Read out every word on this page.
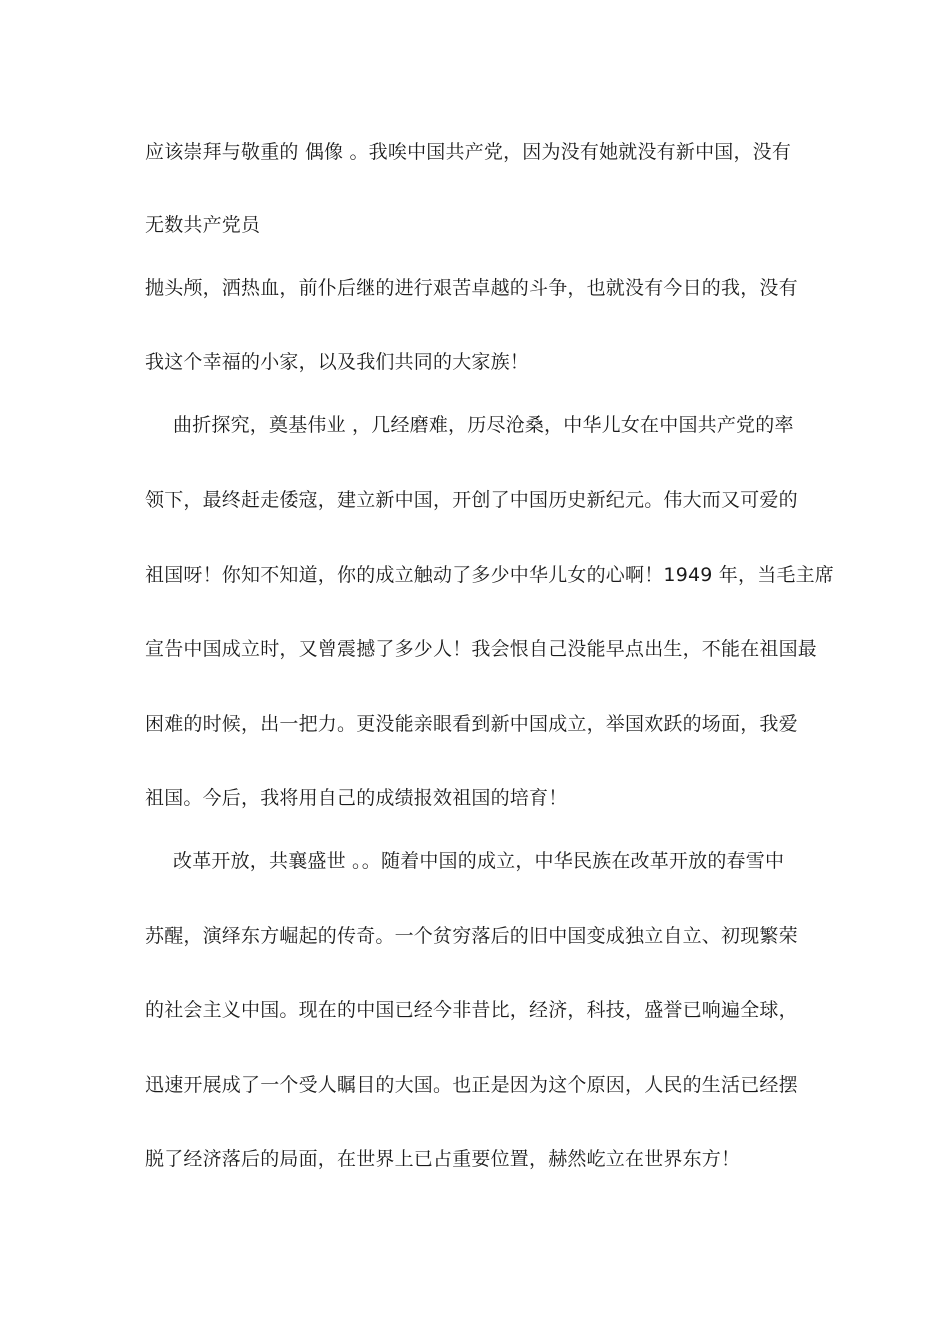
应该崇拜与敬重的 偶像 。我唉中国共产党，因为没有她就没有新中国，没有
无数共产党员
抛头颅，洒热血，前仆后继的进行艰苦卓越的斗争，也就没有今日的我，没有
我这个幸福的小家，以及我们共同的大家族！
曲折探究，奠基伟业 ，几经磨难，历尽沧桑，中华儿女在中国共产党的率
领下，最终赶走倭寇，建立新中国，开创了中国历史新纪元。伟大而又可爱的
祖国呀！你知不知道，你的成立触动了多少中华儿女的心啊！1949 年，当毛主席
宣告中国成立时，又曾震撼了多少人！我会恨自己没能早点出生，不能在祖国最
困难的时候，出一把力。更没能亲眼看到新中国成立，举国欢跃的场面，我爱
祖国。今后，我将用自己的成绩报效祖国的培育！
改革开放，共襄盛世 。。随着中国的成立，中华民族在改革开放的春雪中
苏醒，演绎东方崛起的传奇。一个贫穷落后的旧中国变成独立自立、初现繁荣
的社会主义中国。现在的中国已经今非昔比，经济，科技，盛誉已响遍全球，
迅速开展成了一个受人瞩目的大国。也正是因为这个原因，人民的生活已经摆
脱了经济落后的局面，在世界上已占重要位置，赫然屹立在世界东方！
